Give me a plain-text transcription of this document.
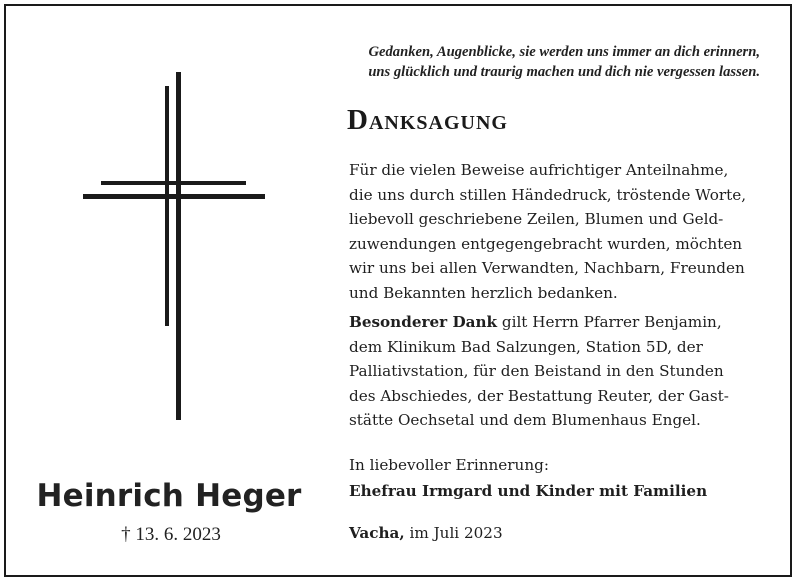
Heinrich Heger
† 13. 6. 2023
Gedanken, Augenblicke, sie werden uns immer an dich erinnern,
uns glücklich und traurig machen und dich nie vergessen lassen.
Danksagung
Für die vielen Beweise aufrichtiger Anteilnahme,
die uns durch stillen Händedruck, tröstende Worte,
liebevoll geschriebene Zeilen, Blumen und Geld-
zuwendungen entgegengebracht wurden, möchten
wir uns bei allen Verwandten, Nachbarn, Freunden
und Bekannten herzlich bedanken.
Besonderer Dank gilt Herrn Pfarrer Benjamin,
dem Klinikum Bad Salzungen, Station 5D, der
Palliativstation, für den Beistand in den Stunden
des Abschiedes, der Bestattung Reuter, der Gast-
stätte Oechsetal und dem Blumenhaus Engel.
In liebevoller Erinnerung:
Ehefrau Irmgard und Kinder mit Familien
Vacha, im Juli 2023
